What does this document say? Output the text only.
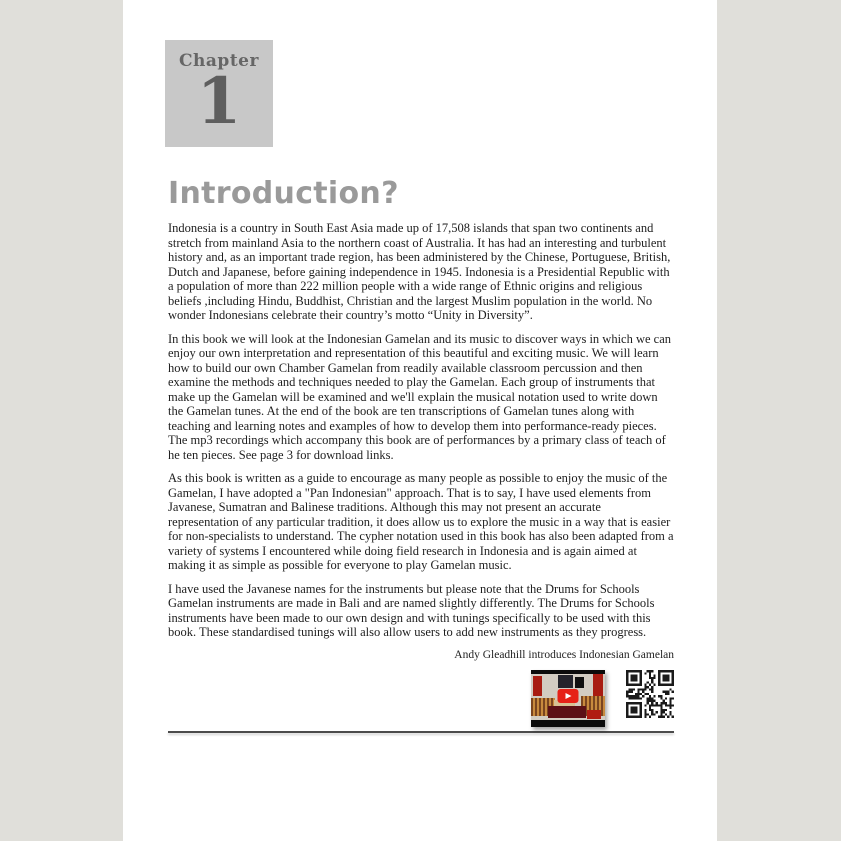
Chapter
1
Introduction?

Indonesia is a country in South East Asia made up of 17,508 islands that span two continents and stretch from mainland Asia to the northern coast of Australia. It has had an interesting and turbulent history and, as an important trade region, has been administered by the Chinese, Portuguese, British, Dutch and Japanese, before gaining independence in 1945. Indonesia is a Presidential Republic with a population of more than 222 million people with a wide range of Ethnic origins and religious beliefs ,including Hindu, Buddhist, Christian and the largest Muslim population in the world. No wonder Indonesians celebrate their country’s motto “Unity in Diversity”.

In this book we will look at the Indonesian Gamelan and its music to discover ways in which we can enjoy our own interpretation and representation of this beautiful and exciting music. We will learn how to build our own Chamber Gamelan from readily available classroom percussion and then examine the methods and techniques needed to play the Gamelan. Each group of instruments that make up the Gamelan will be examined and we'll explain the musical notation used to write down the Gamelan tunes. At the end of the book are ten transcriptions of Gamelan tunes along with teaching and learning notes and examples of how to develop them into performance-ready pieces. The mp3 recordings which accompany this book are of performances by a primary class of teach of he ten pieces. See page 3 for download links.

As this book is written as a guide to encourage as many people as possible to enjoy the music of the Gamelan, I have adopted a "Pan Indonesian" approach. That is to say, I have used elements from Javanese, Sumatran and Balinese traditions. Although this may not present an accurate representation of any particular tradition, it does allow us to explore the music in a way that is easier for non-specialists to understand. The cypher notation used in this book has also been adapted from a variety of systems I encountered while doing field research in Indonesia and is again aimed at making it as simple as possible for everyone to play Gamelan music.

I have used the Javanese names for the instruments but please note that the Drums for Schools Gamelan instruments are made in Bali and are named slightly differently. The Drums for Schools instruments have been made to our own design and with tunings specifically to be used with this book. These standardised tunings will also allow users to add new instruments as they progress.

Andy Gleadhill introduces Indonesian Gamelan
